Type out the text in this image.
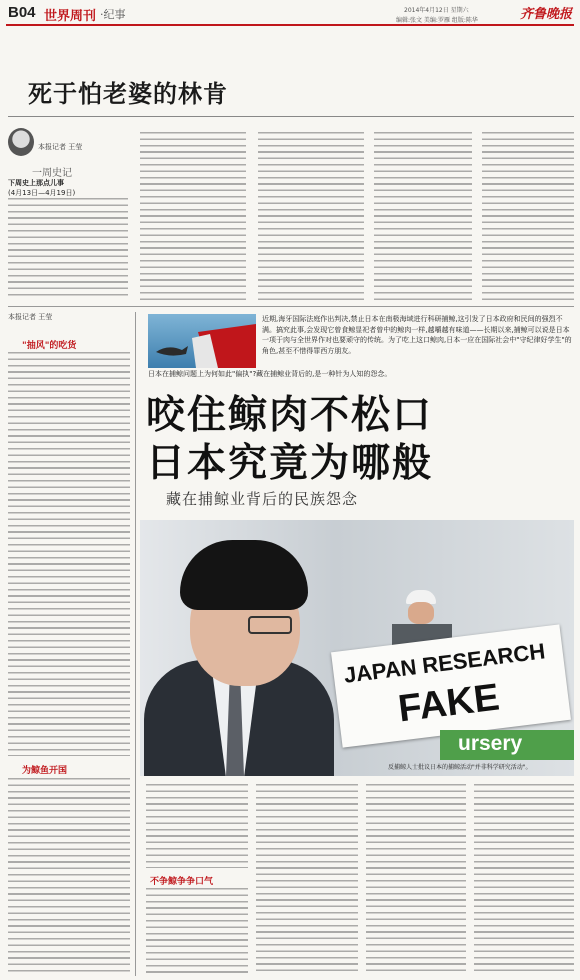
B04 世界周刊 ·纪事	2014年4月12日 星期六
编辑:张文 美编:罗雁 组版:陈华	齐鲁晚报
死于怕老婆的林肯
本报记者 王莹
一周史记
下周史上那点儿事
(4月13日—4月19日)
本报记者 王莹
"抽风"的吃货
为鲸鱼开国
近期,海牙国际法庭作出判决,禁止日本在南极海域进行科研捕鲸,这引发了日本政府和民间的强烈不满。搞究此事,会发现它曾食鲸显祀者曾中的鲸肉一样,越嚼越有味道——长期以来,捕鲸可以说是日本一项于肉与全世界作对也要顽守的传统。为了吃上这口鲸肉,日本一应在国际社会中"守纪律好学生"的角色,甚至不惜得罪西方朋友。
日本在捕鲸问题上为何如此"偏执"?藏在捕鲸业背后的,是一种针为人知的怨念。
咬住鲸肉不松口
日本究竟为哪般
藏在捕鲸业背后的民族怨念
JAPAN RESEARCH
FAKE
ursery
反捕鲸人士批议日本的捕鲸活动"并非科学研究活动"。
不争鲸争争口气
